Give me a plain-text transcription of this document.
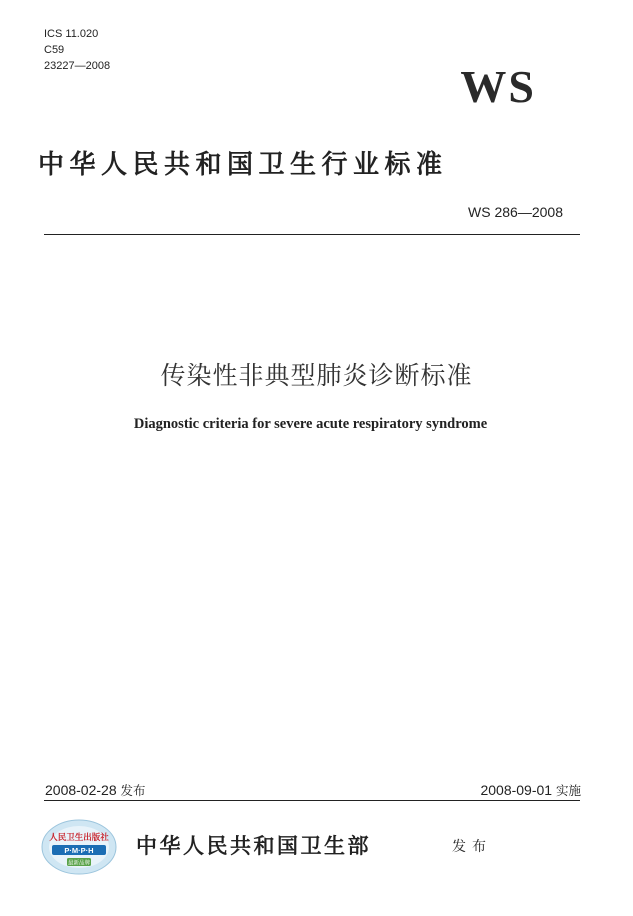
ICS 11.020
C59
23227—2008	WS
中华人民共和国卫生行业标准
WS 286—2008
传染性非典型肺炎诊断标准
Diagnostic criteria for severe acute respiratory syndrome
2008-02-28 发布	2008-09-01 实施
人民卫生出版社
P·M·P·H
最新品牌
中华人民共和国卫生部	发布
